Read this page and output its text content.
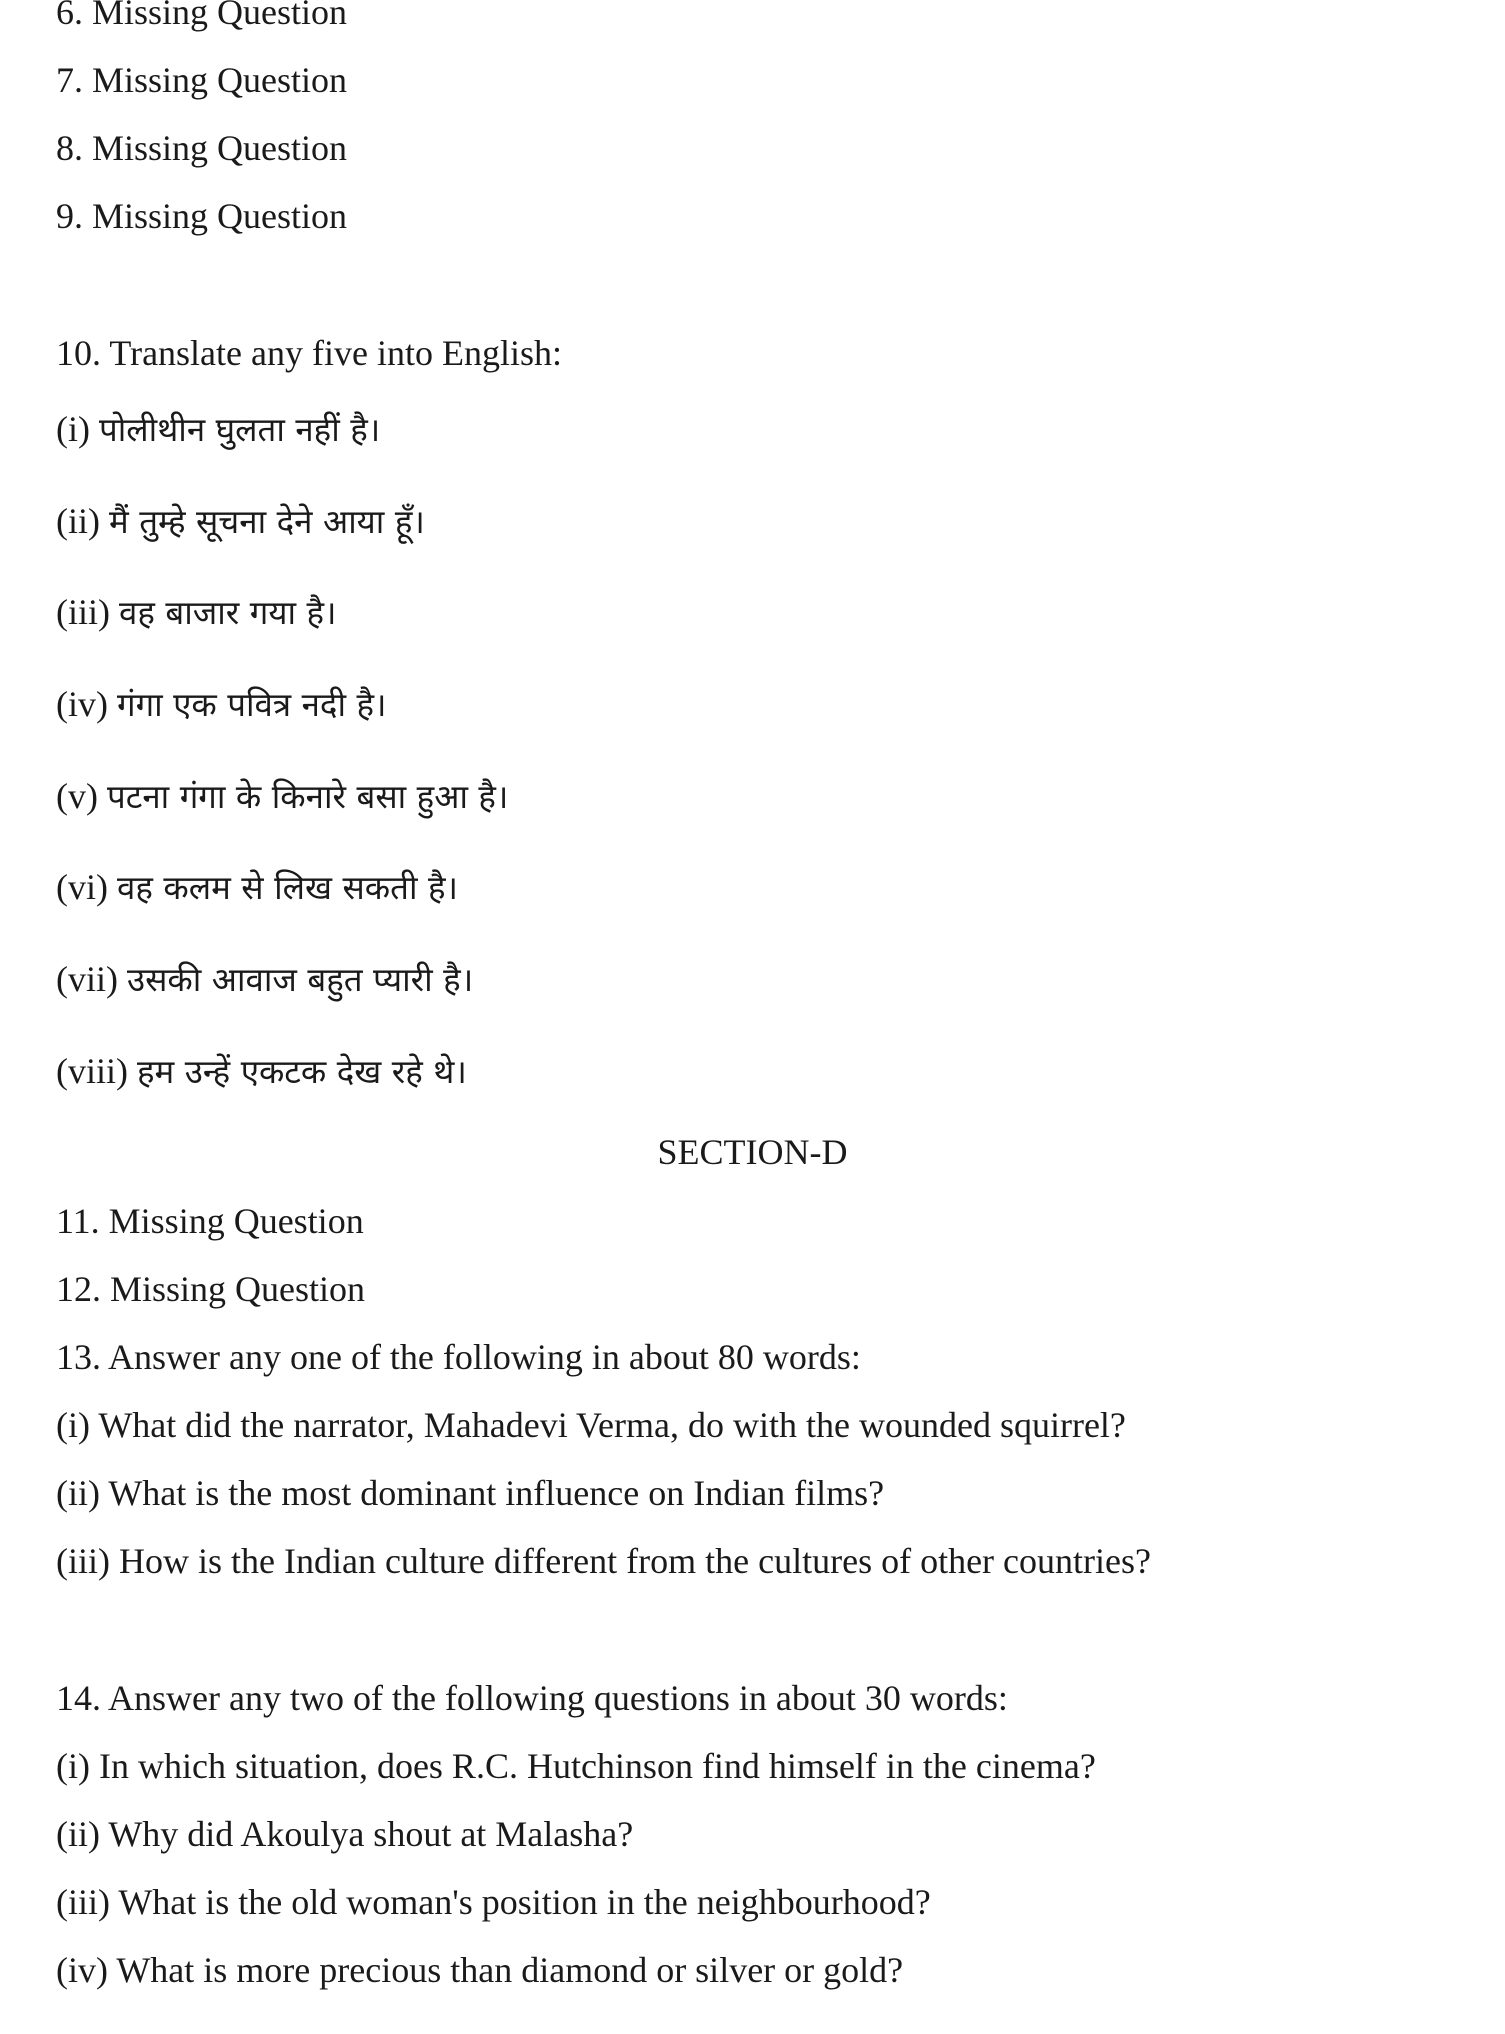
6. Missing Question
7. Missing Question
8. Missing Question
9. Missing Question
10. Translate any five into English:
(i) पोलीथीन घुलता नहीं है।
(ii) मैं तुम्हे सूचना देने आया हूँ।
(iii) वह बाजार गया है।
(iv) गंगा एक पवित्र नदी है।
(v) पटना गंगा के किनारे बसा हुआ है।
(vi) वह कलम से लिख सकती है।
(vii) उसकी आवाज बहुत प्यारी है।
(viii) हम उन्हें एकटक देख रहे थे।
SECTION-D
11. Missing Question
12. Missing Question
13. Answer any one of the following in about 80 words:
(i) What did the narrator, Mahadevi Verma, do with the wounded squirrel?
(ii) What is the most dominant influence on Indian films?
(iii) How is the Indian culture different from the cultures of other countries?
14. Answer any two of the following questions in about 30 words:
(i) In which situation, does R.C. Hutchinson find himself in the cinema?
(ii) Why did Akoulya shout at Malasha?
(iii) What is the old woman's position in the neighbourhood?
(iv) What is more precious than diamond or silver or gold?
